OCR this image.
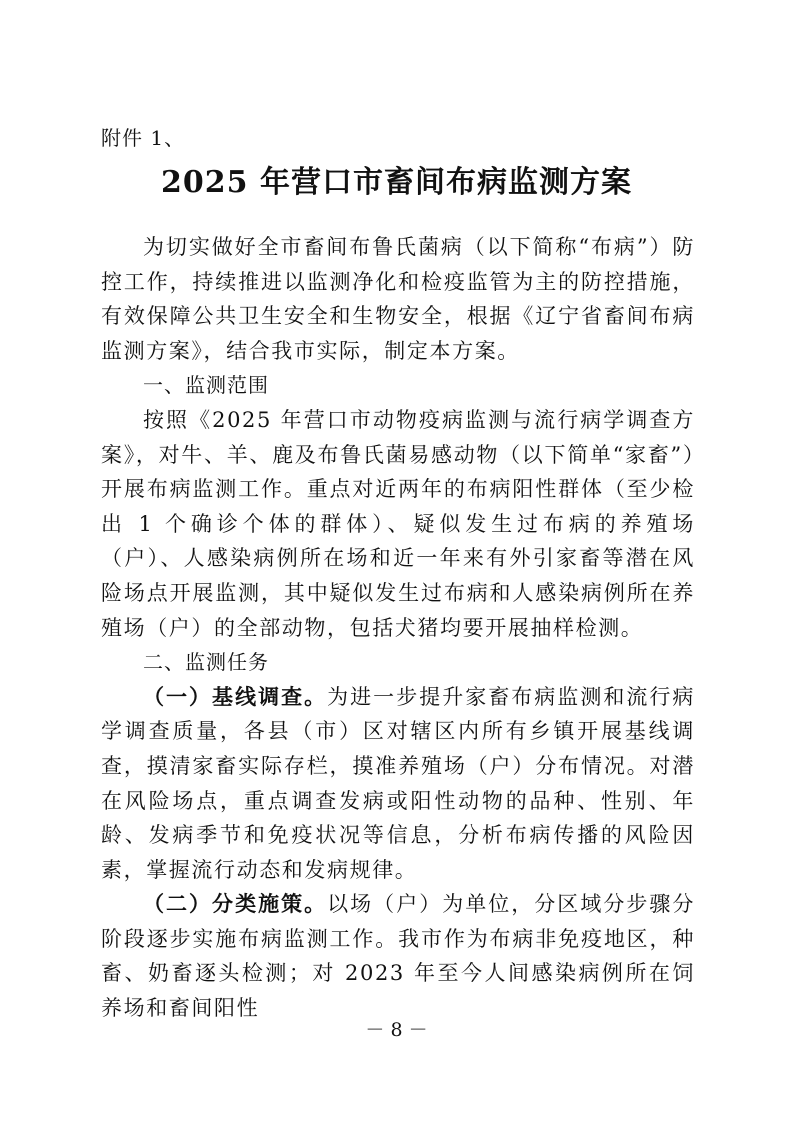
附件 1、
2025 年营口市畜间布病监测方案

为切实做好全市畜间布鲁氏菌病（以下简称“布病”）防控工作，持续推进以监测净化和检疫监管为主的防控措施，有效保障公共卫生安全和生物安全，根据《辽宁省畜间布病监测方案》，结合我市实际，制定本方案。

一、监测范围

按照《2025 年营口市动物疫病监测与流行病学调查方案》，对牛、羊、鹿及布鲁氏菌易感动物（以下简单“家畜”）开展布病监测工作。重点对近两年的布病阳性群体（至少检出 1 个确诊个体的群体）、疑似发生过布病的养殖场（户）、人感染病例所在场和近一年来有外引家畜等潜在风险场点开展监测，其中疑似发生过布病和人感染病例所在养殖场（户）的全部动物，包括犬猪均要开展抽样检测。

二、监测任务

（一）基线调查。为进一步提升家畜布病监测和流行病学调查质量，各县（市）区对辖区内所有乡镇开展基线调查，摸清家畜实际存栏，摸准养殖场（户）分布情况。对潜在风险场点，重点调查发病或阳性动物的品种、性别、年龄、发病季节和免疫状况等信息，分析布病传播的风险因素，掌握流行动态和发病规律。

（二）分类施策。以场（户）为单位，分区域分步骤分阶段逐步实施布病监测工作。我市作为布病非免疫地区，种畜、奶畜逐头检测；对 2023 年至今人间感染病例所在饲养场和畜间阳性

－ 8 －
